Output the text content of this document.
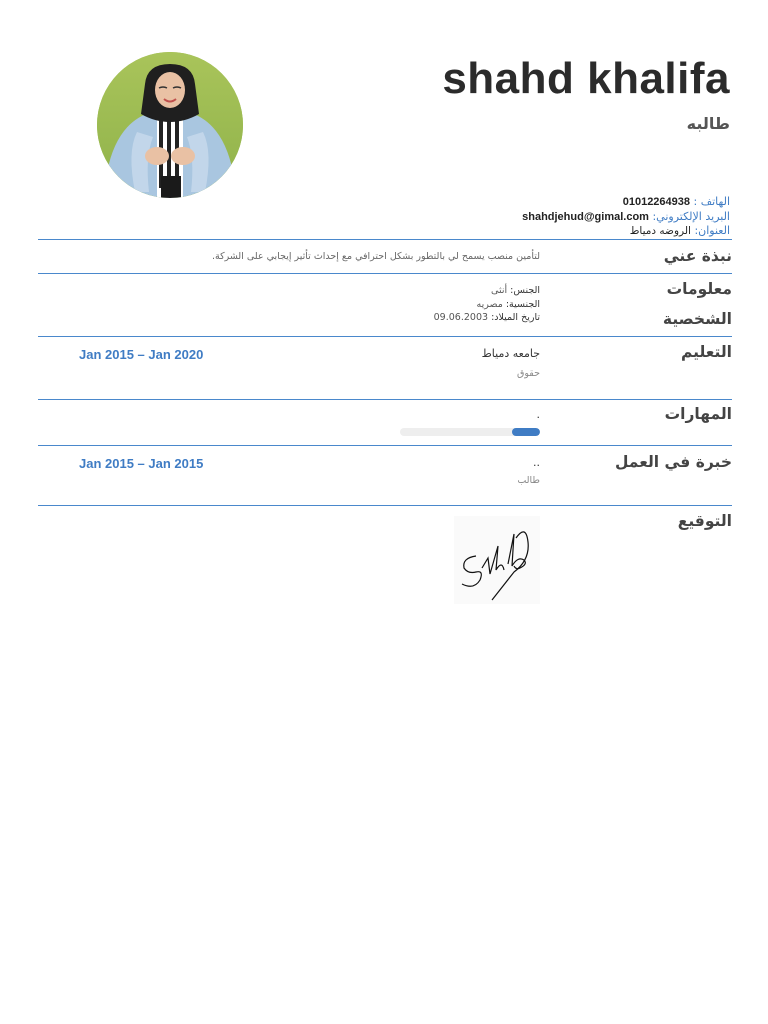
shahd khalifa
طالبه
الهاتف : 01012264938
البريد الإلكتروني: shahdjehud@gimal.com
العنوان: الروضه دمياط
نبذة عني
لتأمين منصب يسمح لي بالتطور بشكل احترافي مع إحداث تأثير إيجابي على الشركة.
معلومات
الشخصية
الجنس: أنثى
الجنسية: مصريه
تاريخ الميلاد: 09.06.2003
التعليم
جامعه دمياط
حقوق
Jan 2015 – Jan 2020
المهارات
.
خبرة في العمل
..
طالب
Jan 2015 – Jan 2015
التوقيع
